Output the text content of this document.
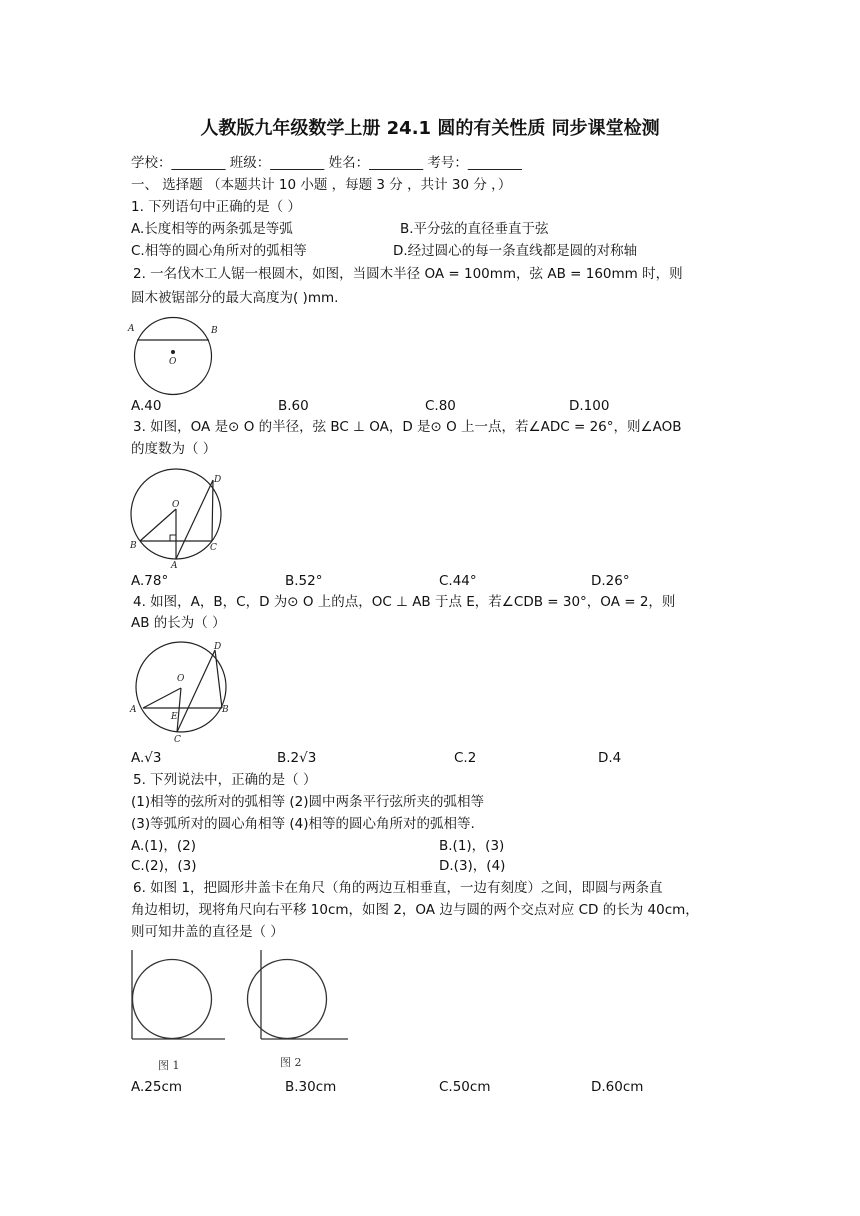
人教版九年级数学上册 24.1 圆的有关性质 同步课堂检测
学校：________ 班级：________ 姓名：________ 考号：________
一、 选择题 （本题共计 10 小题 ，每题 3 分 ，共计 30 分 ，）
1. 下列语句中正确的是（ ）
A.长度相等的两条弧是等弧	B.平分弦的直径垂直于弦
C.相等的圆心角所对的弧相等	D.经过圆心的每一条直线都是圆的对称轴
2. 一名伐木工人锯一根圆木，如图，当圆木半径 OA = 100mm，弦 AB = 160mm 时，则
圆木被锯部分的最大高度为( )mm.
A	B
O
A.40	B.60	C.80	D.100
3. 如图，OA 是⊙ O 的半径，弦 BC ⊥ OA，D 是⊙ O 上一点，若∠ADC = 26°，则∠AOB
的度数为（ ）
O
D
B	C
A
A.78°	B.52°	C.44°	D.26°
4. 如图，A，B，C，D 为⊙ O 上的点，OC ⊥ AB 于点 E，若∠CDB = 30°，OA = 2，则
AB 的长为（ ）
O
D
A
E
B
C
A.√3	B.2√3	C.2	D.4
5. 下列说法中，正确的是（ ）
(1)相等的弦所对的弧相等 (2)圆中两条平行弦所夹的弧相等
(3)等弧所对的圆心角相等 (4)相等的圆心角所对的弧相等.
A.(1)，(2)	B.(1)，(3)
C.(2)，(3)	D.(3)，(4)
6. 如图 1，把圆形井盖卡在角尺（角的两边互相垂直，一边有刻度）之间，即圆与两条直
角边相切，现将角尺向右平移 10cm，如图 2，OA 边与圆的两个交点对应 CD 的长为 40cm，
则可知井盖的直径是（ ）
图 1	图 2
A.25cm	B.30cm	C.50cm	D.60cm
